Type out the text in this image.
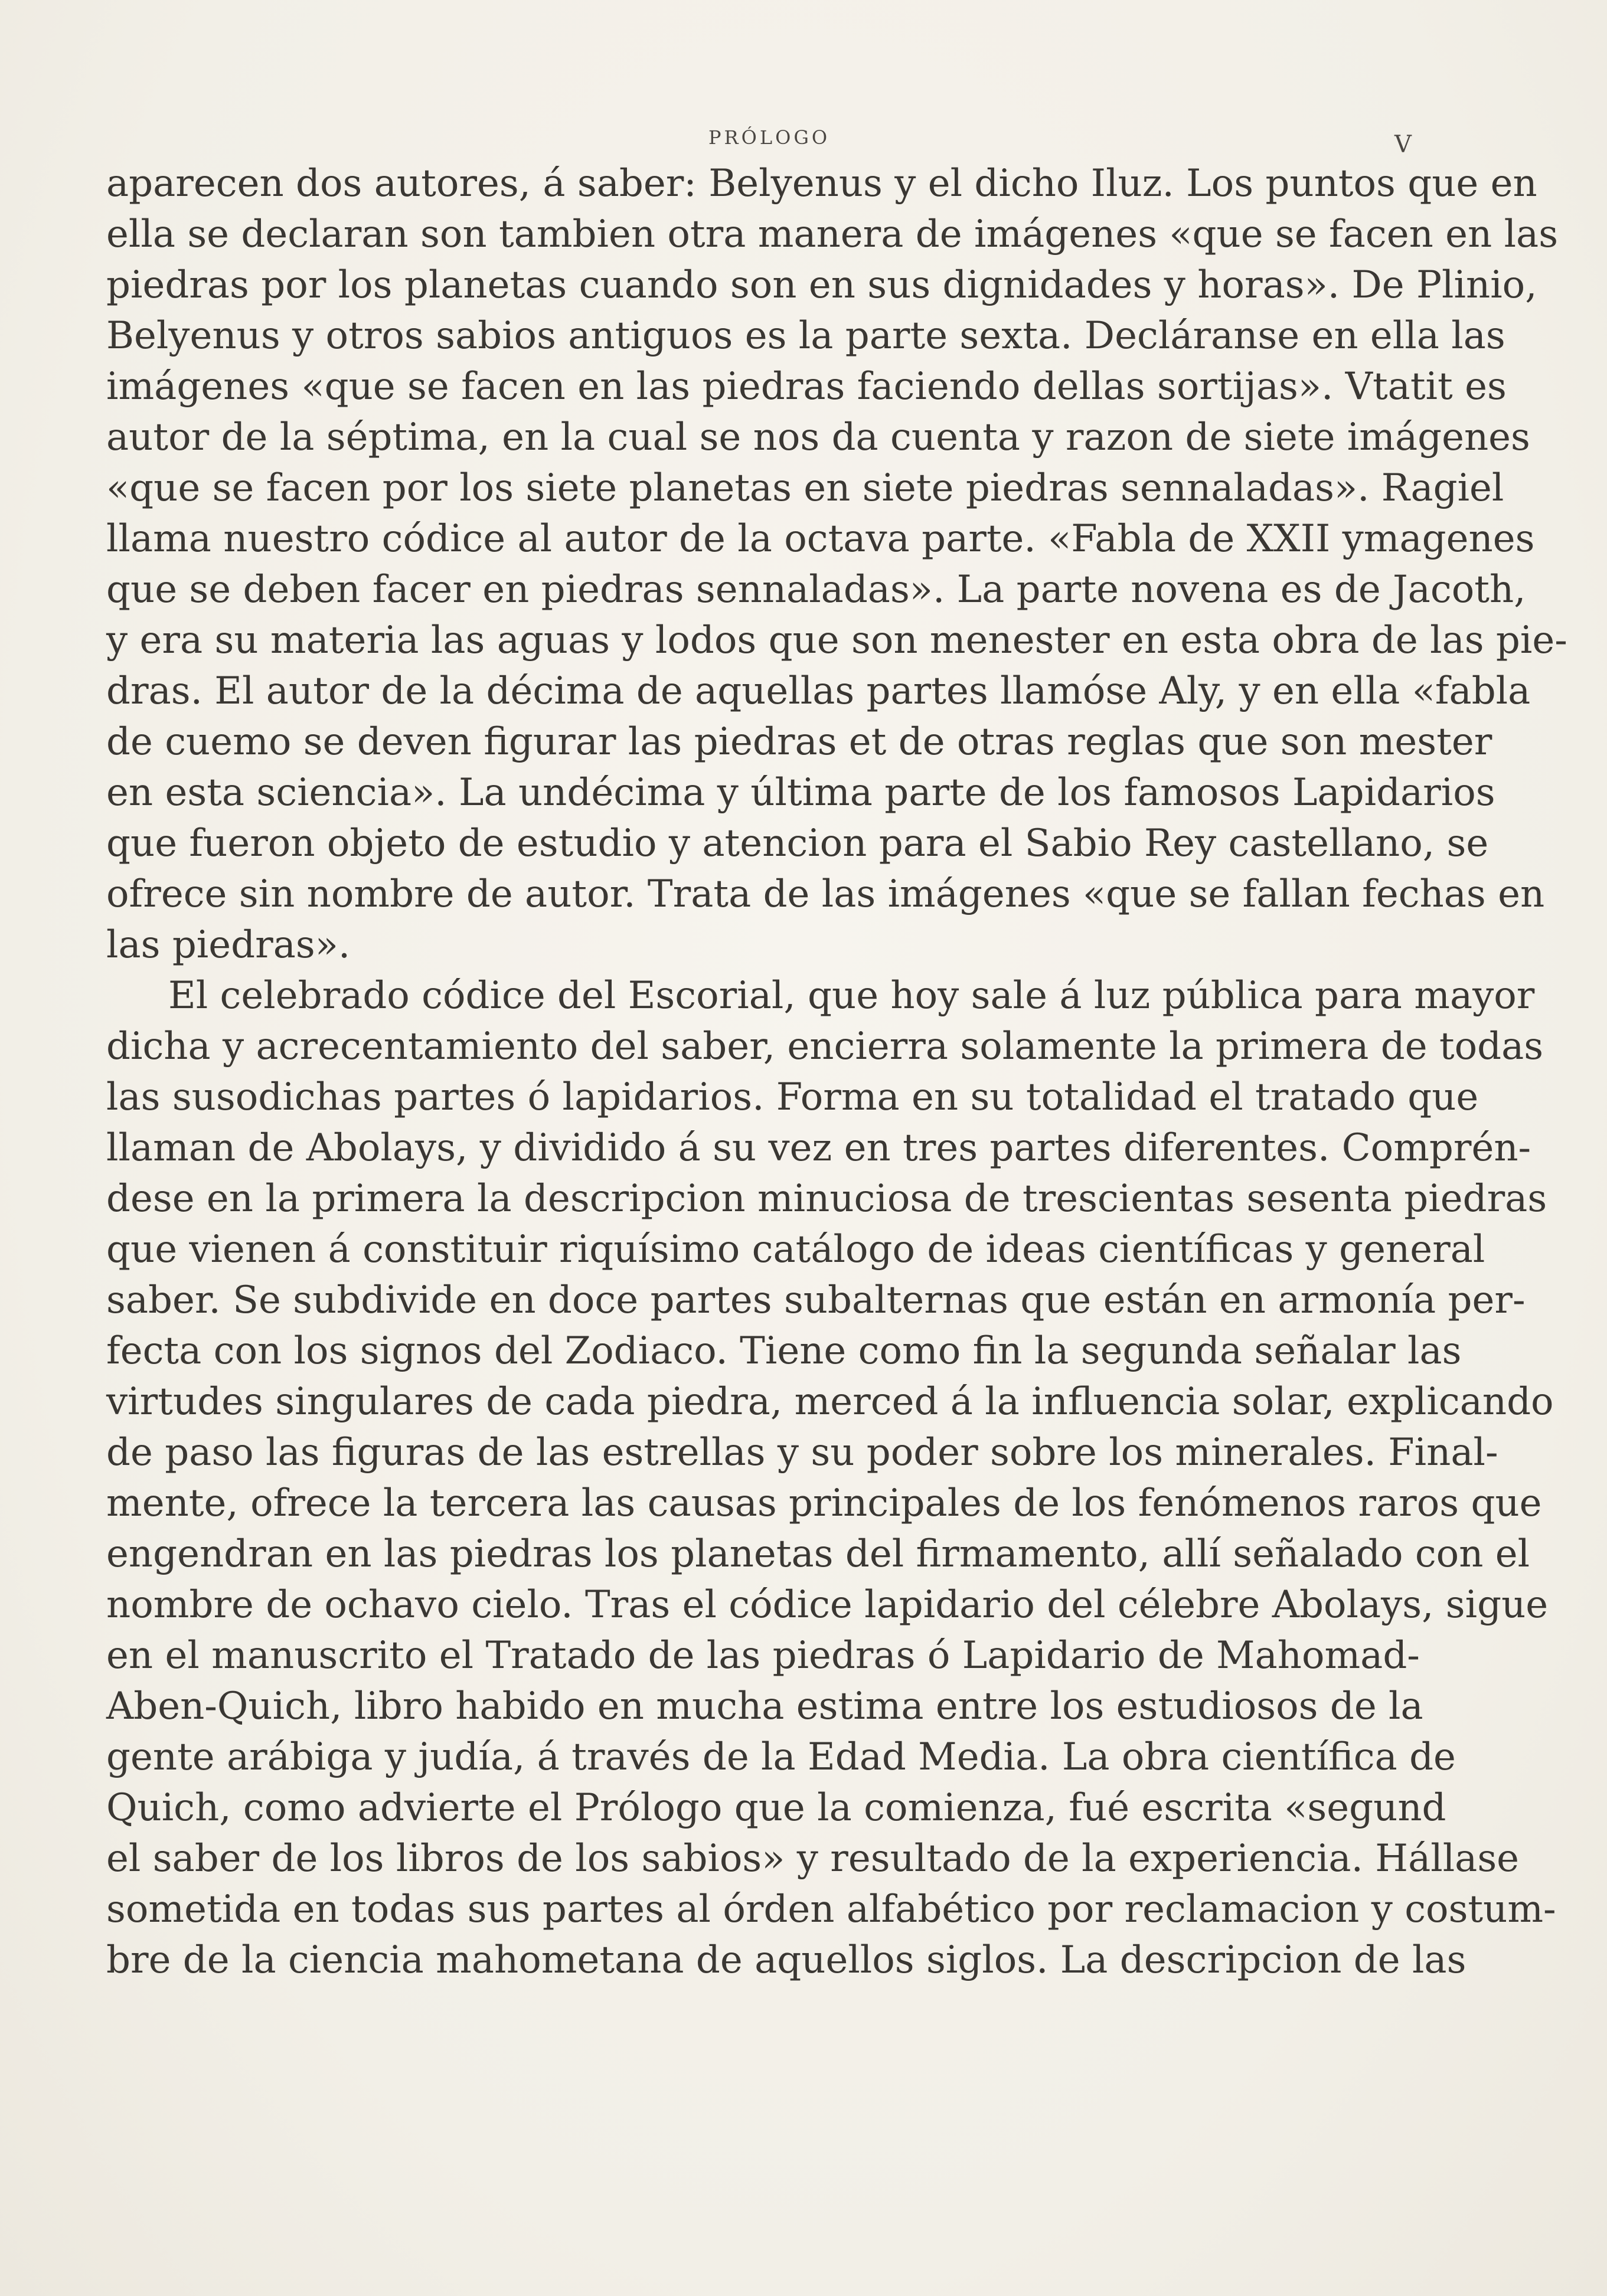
PRÓLOGO	V
aparecen dos autores, á saber: Belyenus y el dicho Iluz. Los puntos que en
ella se declaran son tambien otra manera de imágenes «que se facen en las
piedras por los planetas cuando son en sus dignidades y horas». De Plinio,
Belyenus y otros sabios antiguos es la parte sexta. Decláranse en ella las
imágenes «que se facen en las piedras faciendo dellas sortijas». Vtatit es
autor de la séptima, en la cual se nos da cuenta y razon de siete imágenes
«que se facen por los siete planetas en siete piedras sennaladas». Ragiel
llama nuestro códice al autor de la octava parte. «Fabla de XXII ymagenes
que se deben facer en piedras sennaladas». La parte novena es de Jacoth,
y era su materia las aguas y lodos que son menester en esta obra de las pie-
dras. El autor de la décima de aquellas partes llamóse Aly, y en ella «fabla
de cuemo se deven figurar las piedras et de otras reglas que son mester
en esta sciencia». La undécima y última parte de los famosos Lapidarios
que fueron objeto de estudio y atencion para el Sabio Rey castellano, se
ofrece sin nombre de autor. Trata de las imágenes «que se fallan fechas en
las piedras».
El celebrado códice del Escorial, que hoy sale á luz pública para mayor
dicha y acrecentamiento del saber, encierra solamente la primera de todas
las susodichas partes ó lapidarios. Forma en su totalidad el tratado que
llaman de Abolays, y dividido á su vez en tres partes diferentes. Comprén-
dese en la primera la descripcion minuciosa de trescientas sesenta piedras
que vienen á constituir riquísimo catálogo de ideas científicas y general
saber. Se subdivide en doce partes subalternas que están en armonía per-
fecta con los signos del Zodiaco. Tiene como fin la segunda señalar las
virtudes singulares de cada piedra, merced á la influencia solar, explicando
de paso las figuras de las estrellas y su poder sobre los minerales. Final-
mente, ofrece la tercera las causas principales de los fenómenos raros que
engendran en las piedras los planetas del firmamento, allí señalado con el
nombre de ochavo cielo. Tras el códice lapidario del célebre Abolays, sigue
en el manuscrito el Tratado de las piedras ó Lapidario de Mahomad-
Aben-Quich, libro habido en mucha estima entre los estudiosos de la
gente arábiga y judía, á través de la Edad Media. La obra científica de
Quich, como advierte el Prólogo que la comienza, fué escrita «segund
el saber de los libros de los sabios» y resultado de la experiencia. Hállase
sometida en todas sus partes al órden alfabético por reclamacion y costum-
bre de la ciencia mahometana de aquellos siglos. La descripcion de las
